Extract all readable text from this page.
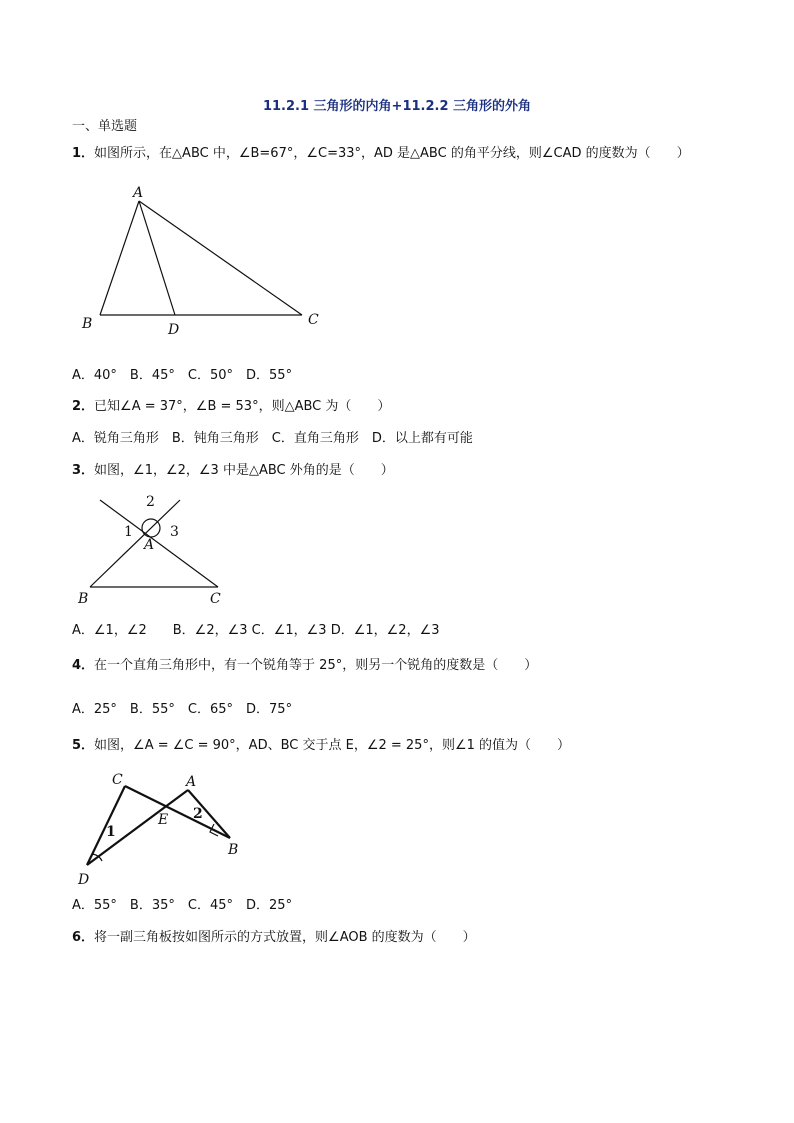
11.2.1 三角形的内角+11.2.2 三角形的外角
一、单选题
1．如图所示，在△ABC 中，∠B=67°，∠C=33°，AD 是△ABC 的角平分线，则∠CAD 的度数为（　　）
A
B	D
C
A．40°　B．45°　C．50°　D．55°
2．已知∠A = 37°，∠B = 53°，则△ABC 为（　　）
A．锐角三角形　B．钝角三角形　C．直角三角形　D．以上都有可能
3．如图，∠1，∠2，∠3 中是△ABC 外角的是（　　）
2
1	3
A
B	C
A．∠1，∠2　　B．∠2，∠3 C．∠1，∠3 D．∠1，∠2，∠3
4．在一个直角三角形中，有一个锐角等于 25°，则另一个锐角的度数是（　　）
A．25°　B．55°　C．65°　D．75°
5．如图，∠A = ∠C = 90°，AD、BC 交于点 E，∠2 = 25°，则∠1 的值为（　　）
C	A
E
B
D
1
2
A．55°　B．35°　C．45°　D．25°
6．将一副三角板按如图所示的方式放置，则∠AOB 的度数为（　　）
